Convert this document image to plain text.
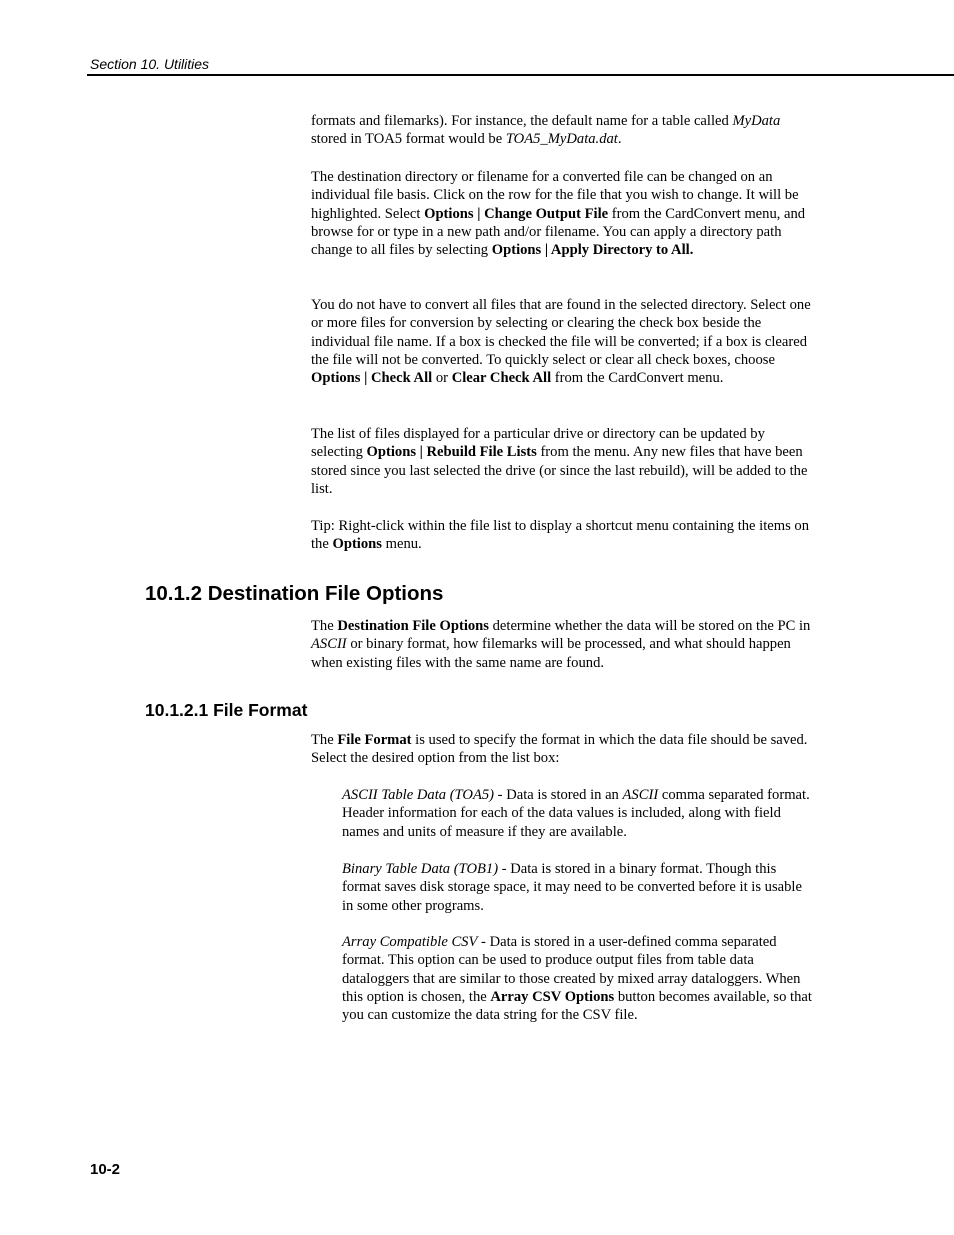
Section 10. Utilities

formats and filemarks). For instance, the default name for a table called MyData stored in TOA5 format would be TOA5_MyData.dat.

The destination directory or filename for a converted file can be changed on an individual file basis. Click on the row for the file that you wish to change. It will be highlighted. Select Options | Change Output File from the CardConvert menu, and browse for or type in a new path and/or filename. You can apply a directory path change to all files by selecting Options | Apply Directory to All.

You do not have to convert all files that are found in the selected directory. Select one or more files for conversion by selecting or clearing the check box beside the individual file name. If a box is checked the file will be converted; if a box is cleared the file will not be converted. To quickly select or clear all check boxes, choose Options | Check All or Clear Check All from the CardConvert menu.

The list of files displayed for a particular drive or directory can be updated by selecting Options | Rebuild File Lists from the menu. Any new files that have been stored since you last selected the drive (or since the last rebuild), will be added to the list.

Tip: Right-click within the file list to display a shortcut menu containing the items on the Options menu.

10.1.2 Destination File Options

The Destination File Options determine whether the data will be stored on the PC in ASCII or binary format, how filemarks will be processed, and what should happen when existing files with the same name are found.

10.1.2.1 File Format

The File Format is used to specify the format in which the data file should be saved. Select the desired option from the list box:

ASCII Table Data (TOA5) - Data is stored in an ASCII comma separated format. Header information for each of the data values is included, along with field names and units of measure if they are available.

Binary Table Data (TOB1) - Data is stored in a binary format. Though this format saves disk storage space, it may need to be converted before it is usable in some other programs.

Array Compatible CSV - Data is stored in a user-defined comma separated format. This option can be used to produce output files from table data dataloggers that are similar to those created by mixed array dataloggers. When this option is chosen, the Array CSV Options button becomes available, so that you can customize the data string for the CSV file.

10-2
